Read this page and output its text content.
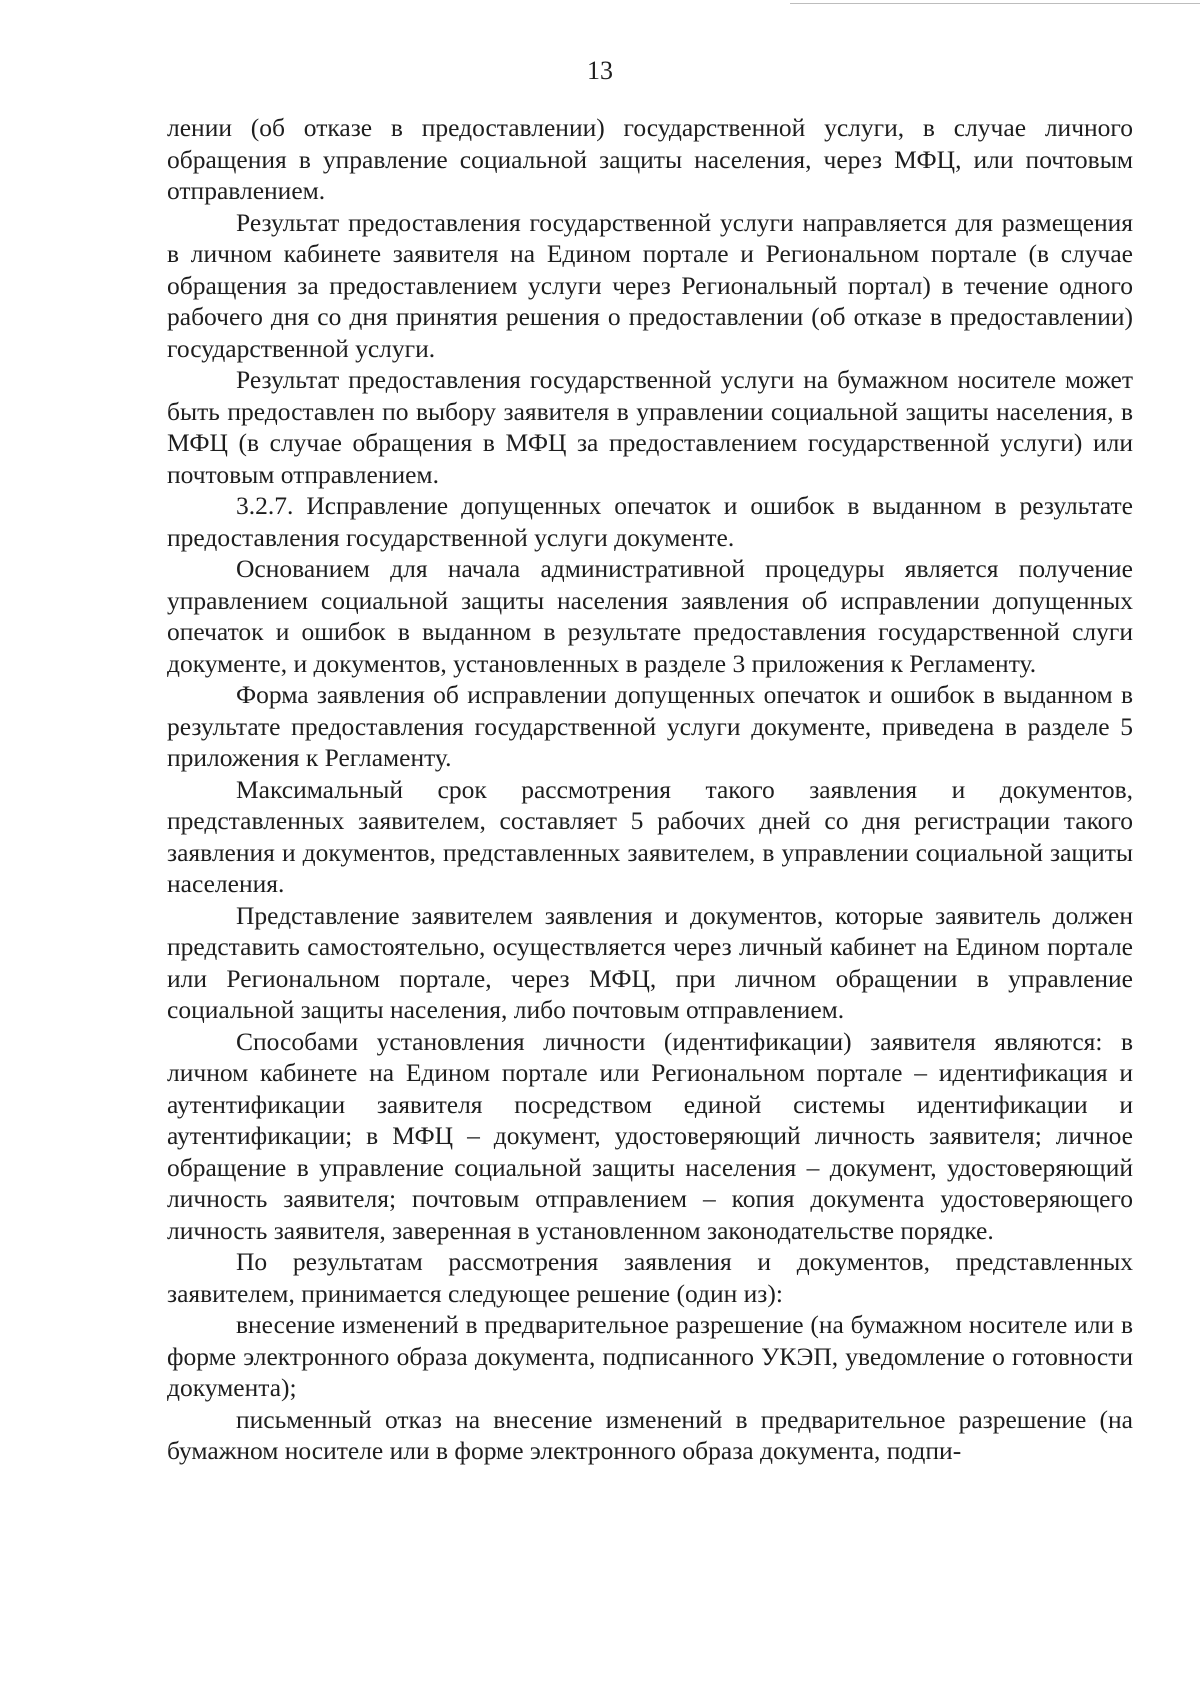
13

лении (об отказе в предоставлении) государственной услуги, в случае личного обращения в управление социальной защиты населения, через МФЦ, или почтовым отправлением.

Результат предоставления государственной услуги направляется для размещения в личном кабинете заявителя на Едином портале и Региональном портале (в случае обращения за предоставлением услуги через Региональный портал) в течение одного рабочего дня со дня принятия решения о предоставлении (об отказе в предоставлении) государственной услуги.

Результат предоставления государственной услуги на бумажном носителе может быть предоставлен по выбору заявителя в управлении социальной защиты населения, в МФЦ (в случае обращения в МФЦ за предоставлением государственной услуги) или почтовым отправлением.

3.2.7. Исправление допущенных опечаток и ошибок в выданном в результате предоставления государственной услуги документе.

Основанием для начала административной процедуры является получение управлением социальной защиты населения заявления об исправлении допущенных опечаток и ошибок в выданном в результате предоставления государственной слуги документе, и документов, установленных в разделе 3 приложения к Регламенту.

Форма заявления об исправлении допущенных опечаток и ошибок в выданном в результате предоставления государственной услуги документе, приведена в разделе 5 приложения к Регламенту.

Максимальный срок рассмотрения такого заявления и документов, представленных заявителем, составляет 5 рабочих дней со дня регистрации такого заявления и документов, представленных заявителем, в управлении социальной защиты населения.

Представление заявителем заявления и документов, которые заявитель должен представить самостоятельно, осуществляется через личный кабинет на Едином портале или Региональном портале, через МФЦ, при личном обращении в управление социальной защиты населения, либо почтовым отправлением.

Способами установления личности (идентификации) заявителя являются: в личном кабинете на Едином портале или Региональном портале – идентификация и аутентификации заявителя посредством единой системы идентификации и аутентификации; в МФЦ – документ, удостоверяющий личность заявителя; личное обращение в управление социальной защиты населения – документ, удостоверяющий личность заявителя; почтовым отправлением – копия документа удостоверяющего личность заявителя, заверенная в установленном законодательстве порядке.

По результатам рассмотрения заявления и документов, представленных заявителем, принимается следующее решение (один из):

внесение изменений в предварительное разрешение (на бумажном носителе или в форме электронного образа документа, подписанного УКЭП, уведомление о готовности документа);

письменный отказ на внесение изменений в предварительное разрешение (на бумажном носителе или в форме электронного образа документа, подпи-
